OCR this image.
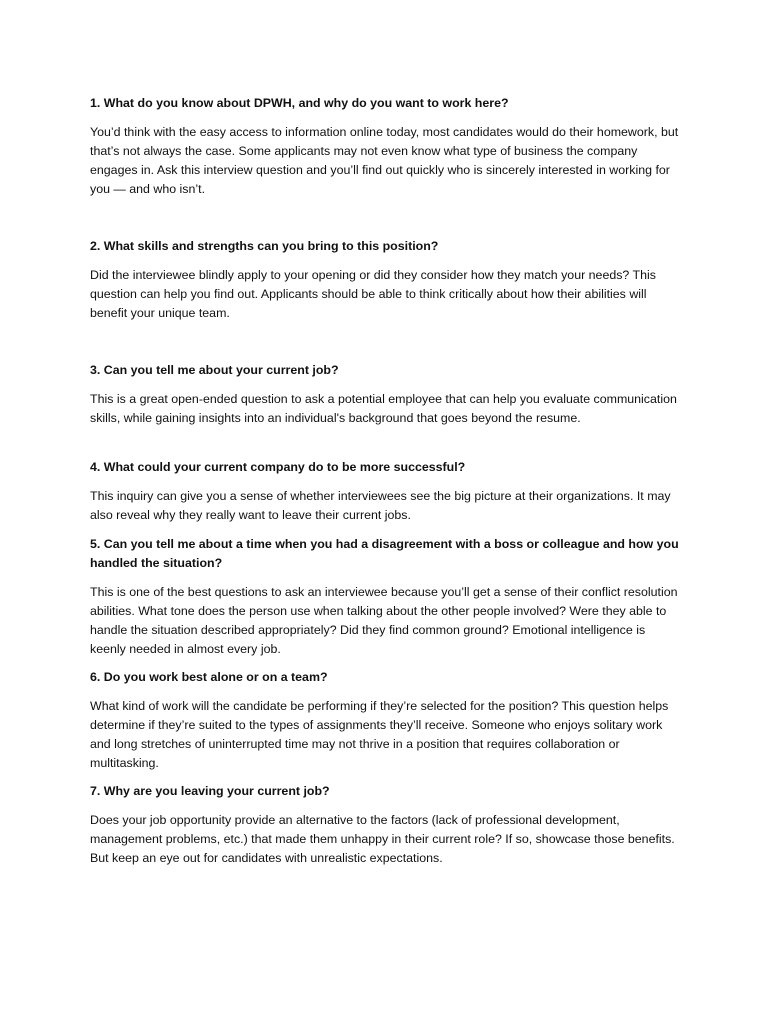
1. What do you know about DPWH, and why do you want to work here?

You’d think with the easy access to information online today, most candidates would do their homework, but that’s not always the case. Some applicants may not even know what type of business the company engages in. Ask this interview question and you’ll find out quickly who is sincerely interested in working for you — and who isn’t.

2. What skills and strengths can you bring to this position?

Did the interviewee blindly apply to your opening or did they consider how they match your needs? This question can help you find out. Applicants should be able to think critically about how their abilities will benefit your unique team.

3. Can you tell me about your current job?

This is a great open-ended question to ask a potential employee that can help you evaluate communication skills, while gaining insights into an individual's background that goes beyond the resume.

4. What could your current company do to be more successful?

This inquiry can give you a sense of whether interviewees see the big picture at their organizations. It may also reveal why they really want to leave their current jobs.

5. Can you tell me about a time when you had a disagreement with a boss or colleague and how you handled the situation?

This is one of the best questions to ask an interviewee because you’ll get a sense of their conflict resolution abilities. What tone does the person use when talking about the other people involved? Were they able to handle the situation described appropriately? Did they find common ground? Emotional intelligence is keenly needed in almost every job.

6. Do you work best alone or on a team?

What kind of work will the candidate be performing if they’re selected for the position? This question helps determine if they’re suited to the types of assignments they’ll receive. Someone who enjoys solitary work and long stretches of uninterrupted time may not thrive in a position that requires collaboration or multitasking.

7. Why are you leaving your current job?

Does your job opportunity provide an alternative to the factors (lack of professional development, management problems, etc.) that made them unhappy in their current role? If so, showcase those benefits. But keep an eye out for candidates with unrealistic expectations.
